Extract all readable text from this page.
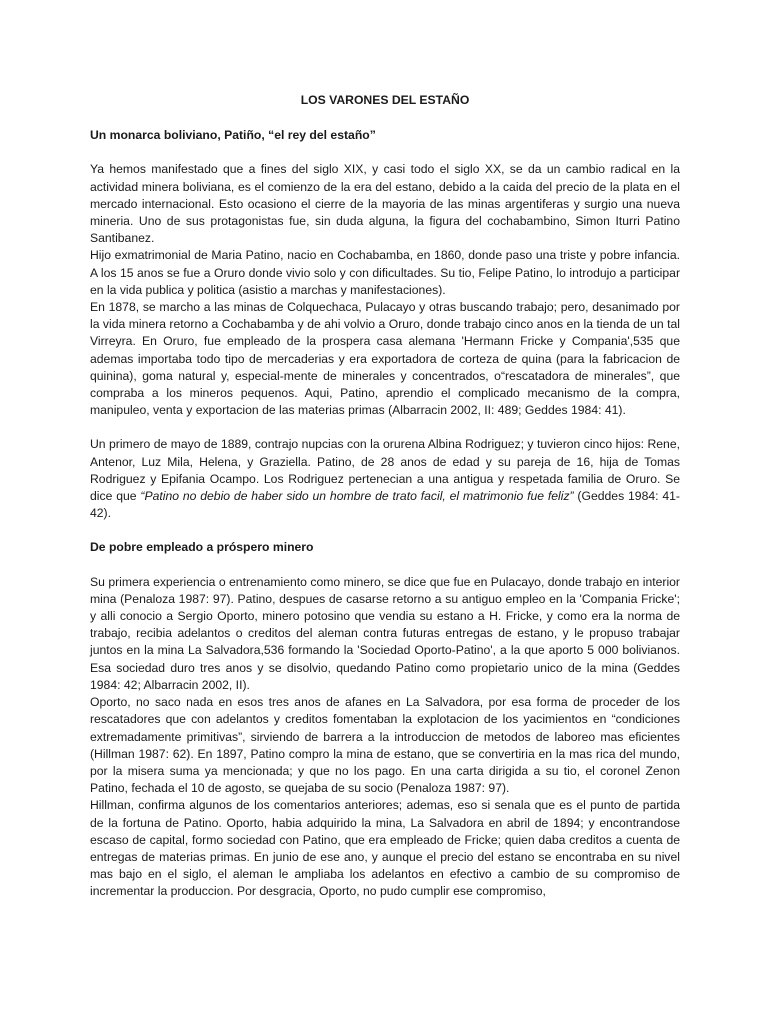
LOS VARONES DEL ESTAÑO

Un monarca boliviano, Patiño, “el rey del estaño”

Ya hemos manifestado que a fines del siglo XIX, y casi todo el siglo XX, se da un cambio radical en la actividad minera boliviana, es el comienzo de la era del estano, debido a la caida del precio de la plata en el mercado internacional. Esto ocasiono el cierre de la mayoria de las minas argentiferas y surgio una nueva mineria. Uno de sus protagonistas fue, sin duda alguna, la figura del cochabambino, Simon Iturri Patino Santibanez.

Hijo exmatrimonial de Maria Patino, nacio en Cochabamba, en 1860, donde paso una triste y pobre infancia. A los 15 anos se fue a Oruro donde vivio solo y con dificultades. Su tio, Felipe Patino, lo introdujo a participar en la vida publica y politica (asistio a marchas y manifestaciones).

En 1878, se marcho a las minas de Colquechaca, Pulacayo y otras buscando trabajo; pero, desanimado por la vida minera retorno a Cochabamba y de ahi volvio a Oruro, donde trabajo cinco anos en la tienda de un tal Virreyra. En Oruro, fue empleado de la prospera casa alemana 'Hermann Fricke y Compania',535 que ademas importaba todo tipo de mercaderias y era exportadora de corteza de quina (para la fabricacion de quinina), goma natural y, especial-mente de minerales y concentrados, o“rescatadora de minerales”, que compraba a los mineros pequenos. Aqui, Patino, aprendio el complicado mecanismo de la compra, manipuleo, venta y exportacion de las materias primas (Albarracin 2002, II: 489; Geddes 1984: 41).

Un primero de mayo de 1889, contrajo nupcias con la orurena Albina Rodriguez; y tuvieron cinco hijos: Rene, Antenor, Luz Mila, Helena, y Graziella. Patino, de 28 anos de edad y su pareja de 16, hija de Tomas Rodriguez y Epifania Ocampo. Los Rodriguez pertenecian a una antigua y respetada familia de Oruro. Se dice que “Patino no debio de haber sido un hombre de trato facil, el matrimonio fue feliz” (Geddes 1984: 41-42).

De pobre empleado a próspero minero

Su primera experiencia o entrenamiento como minero, se dice que fue en Pulacayo, donde trabajo en interior mina (Penaloza 1987: 97). Patino, despues de casarse retorno a su antiguo empleo en la 'Compania Fricke'; y alli conocio a Sergio Oporto, minero potosino que vendia su estano a H. Fricke, y como era la norma de trabajo, recibia adelantos o creditos del aleman contra futuras entregas de estano, y le propuso trabajar juntos en la mina La Salvadora,536 formando la 'Sociedad Oporto-Patino', a la que aporto 5 000 bolivianos. Esa sociedad duro tres anos y se disolvio, quedando Patino como propietario unico de la mina (Geddes 1984: 42; Albarracin 2002, II).

Oporto, no saco nada en esos tres anos de afanes en La Salvadora, por esa forma de proceder de los rescatadores que con adelantos y creditos fomentaban la explotacion de los yacimientos en “condiciones extremadamente primitivas”, sirviendo de barrera a la introduccion de metodos de laboreo mas eficientes (Hillman 1987: 62). En 1897, Patino compro la mina de estano, que se convertiria en la mas rica del mundo, por la misera suma ya mencionada; y que no los pago. En una carta dirigida a su tio, el coronel Zenon Patino, fechada el 10 de agosto, se quejaba de su socio (Penaloza 1987: 97).

Hillman, confirma algunos de los comentarios anteriores; ademas, eso si senala que es el punto de partida de la fortuna de Patino. Oporto, habia adquirido la mina, La Salvadora en abril de 1894; y encontrandose escaso de capital, formo sociedad con Patino, que era empleado de Fricke; quien daba creditos a cuenta de entregas de materias primas. En junio de ese ano, y aunque el precio del estano se encontraba en su nivel mas bajo en el siglo, el aleman le ampliaba los adelantos en efectivo a cambio de su compromiso de incrementar la produccion. Por desgracia, Oporto, no pudo cumplir ese compromiso,
